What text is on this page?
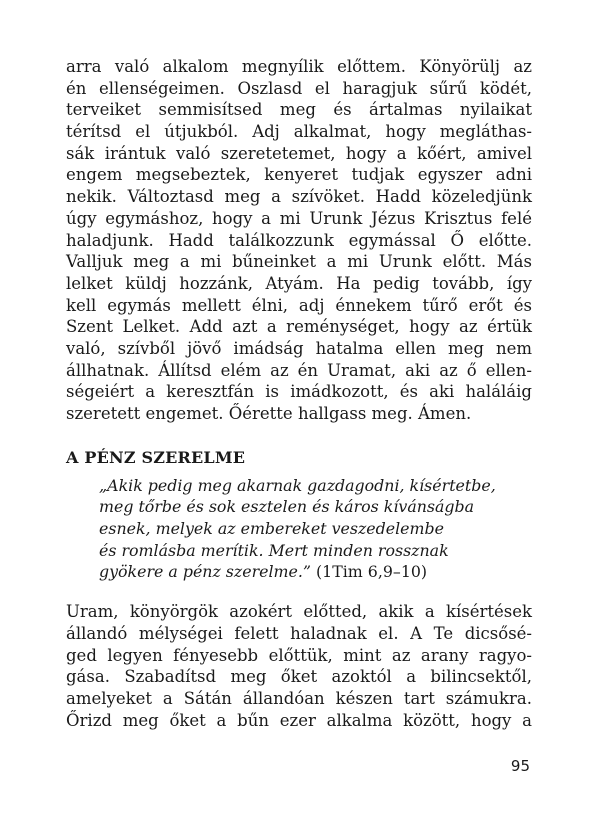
arra való alkalom megnyílik előttem. Könyörülj az
én ellenségeimen. Oszlasd el haragjuk sűrű ködét,
terveiket semmisítsed meg és ártalmas nyilaikat
térítsd el útjukból. Adj alkalmat, hogy megláthas-
sák irántuk való szeretetemet, hogy a kőért, amivel
engem megsebeztek, kenyeret tudjak egyszer adni
nekik. Változtasd meg a szívöket. Hadd közeledjünk
úgy egymáshoz, hogy a mi Urunk Jézus Krisztus felé
haladjunk. Hadd találkozzunk egymással Ő előtte.
Valljuk meg a mi bűneinket a mi Urunk előtt. Más
lelket küldj hozzánk, Atyám. Ha pedig tovább, így
kell egymás mellett élni, adj énnekem tűrő erőt és
Szent Lelket. Add azt a reménységet, hogy az értük
való, szívből jövő imádság hatalma ellen meg nem
állhatnak. Állítsd elém az én Uramat, aki az ő ellen-
ségeiért a keresztfán is imádkozott, és aki haláláig
szeretett engemet. Őérette hallgass meg. Ámen.
A PÉNZ SZERELME
„Akik pedig meg akarnak gazdagodni, kísértetbe,
meg tőrbe és sok esztelen és káros kívánságba
esnek, melyek az embereket veszedelembe
és romlásba merítik. Mert minden rossznak
gyökere a pénz szerelme.” (1Tim 6,9–10)
Uram, könyörgök azokért előtted, akik a kísértések
állandó mélységei felett haladnak el. A Te dicsősé-
ged legyen fényesebb előttük, mint az arany ragyo-
gása. Szabadítsd meg őket azoktól a bilincsektől,
amelyeket a Sátán állandóan készen tart számukra.
Őrizd meg őket a bűn ezer alkalma között, hogy a
95
